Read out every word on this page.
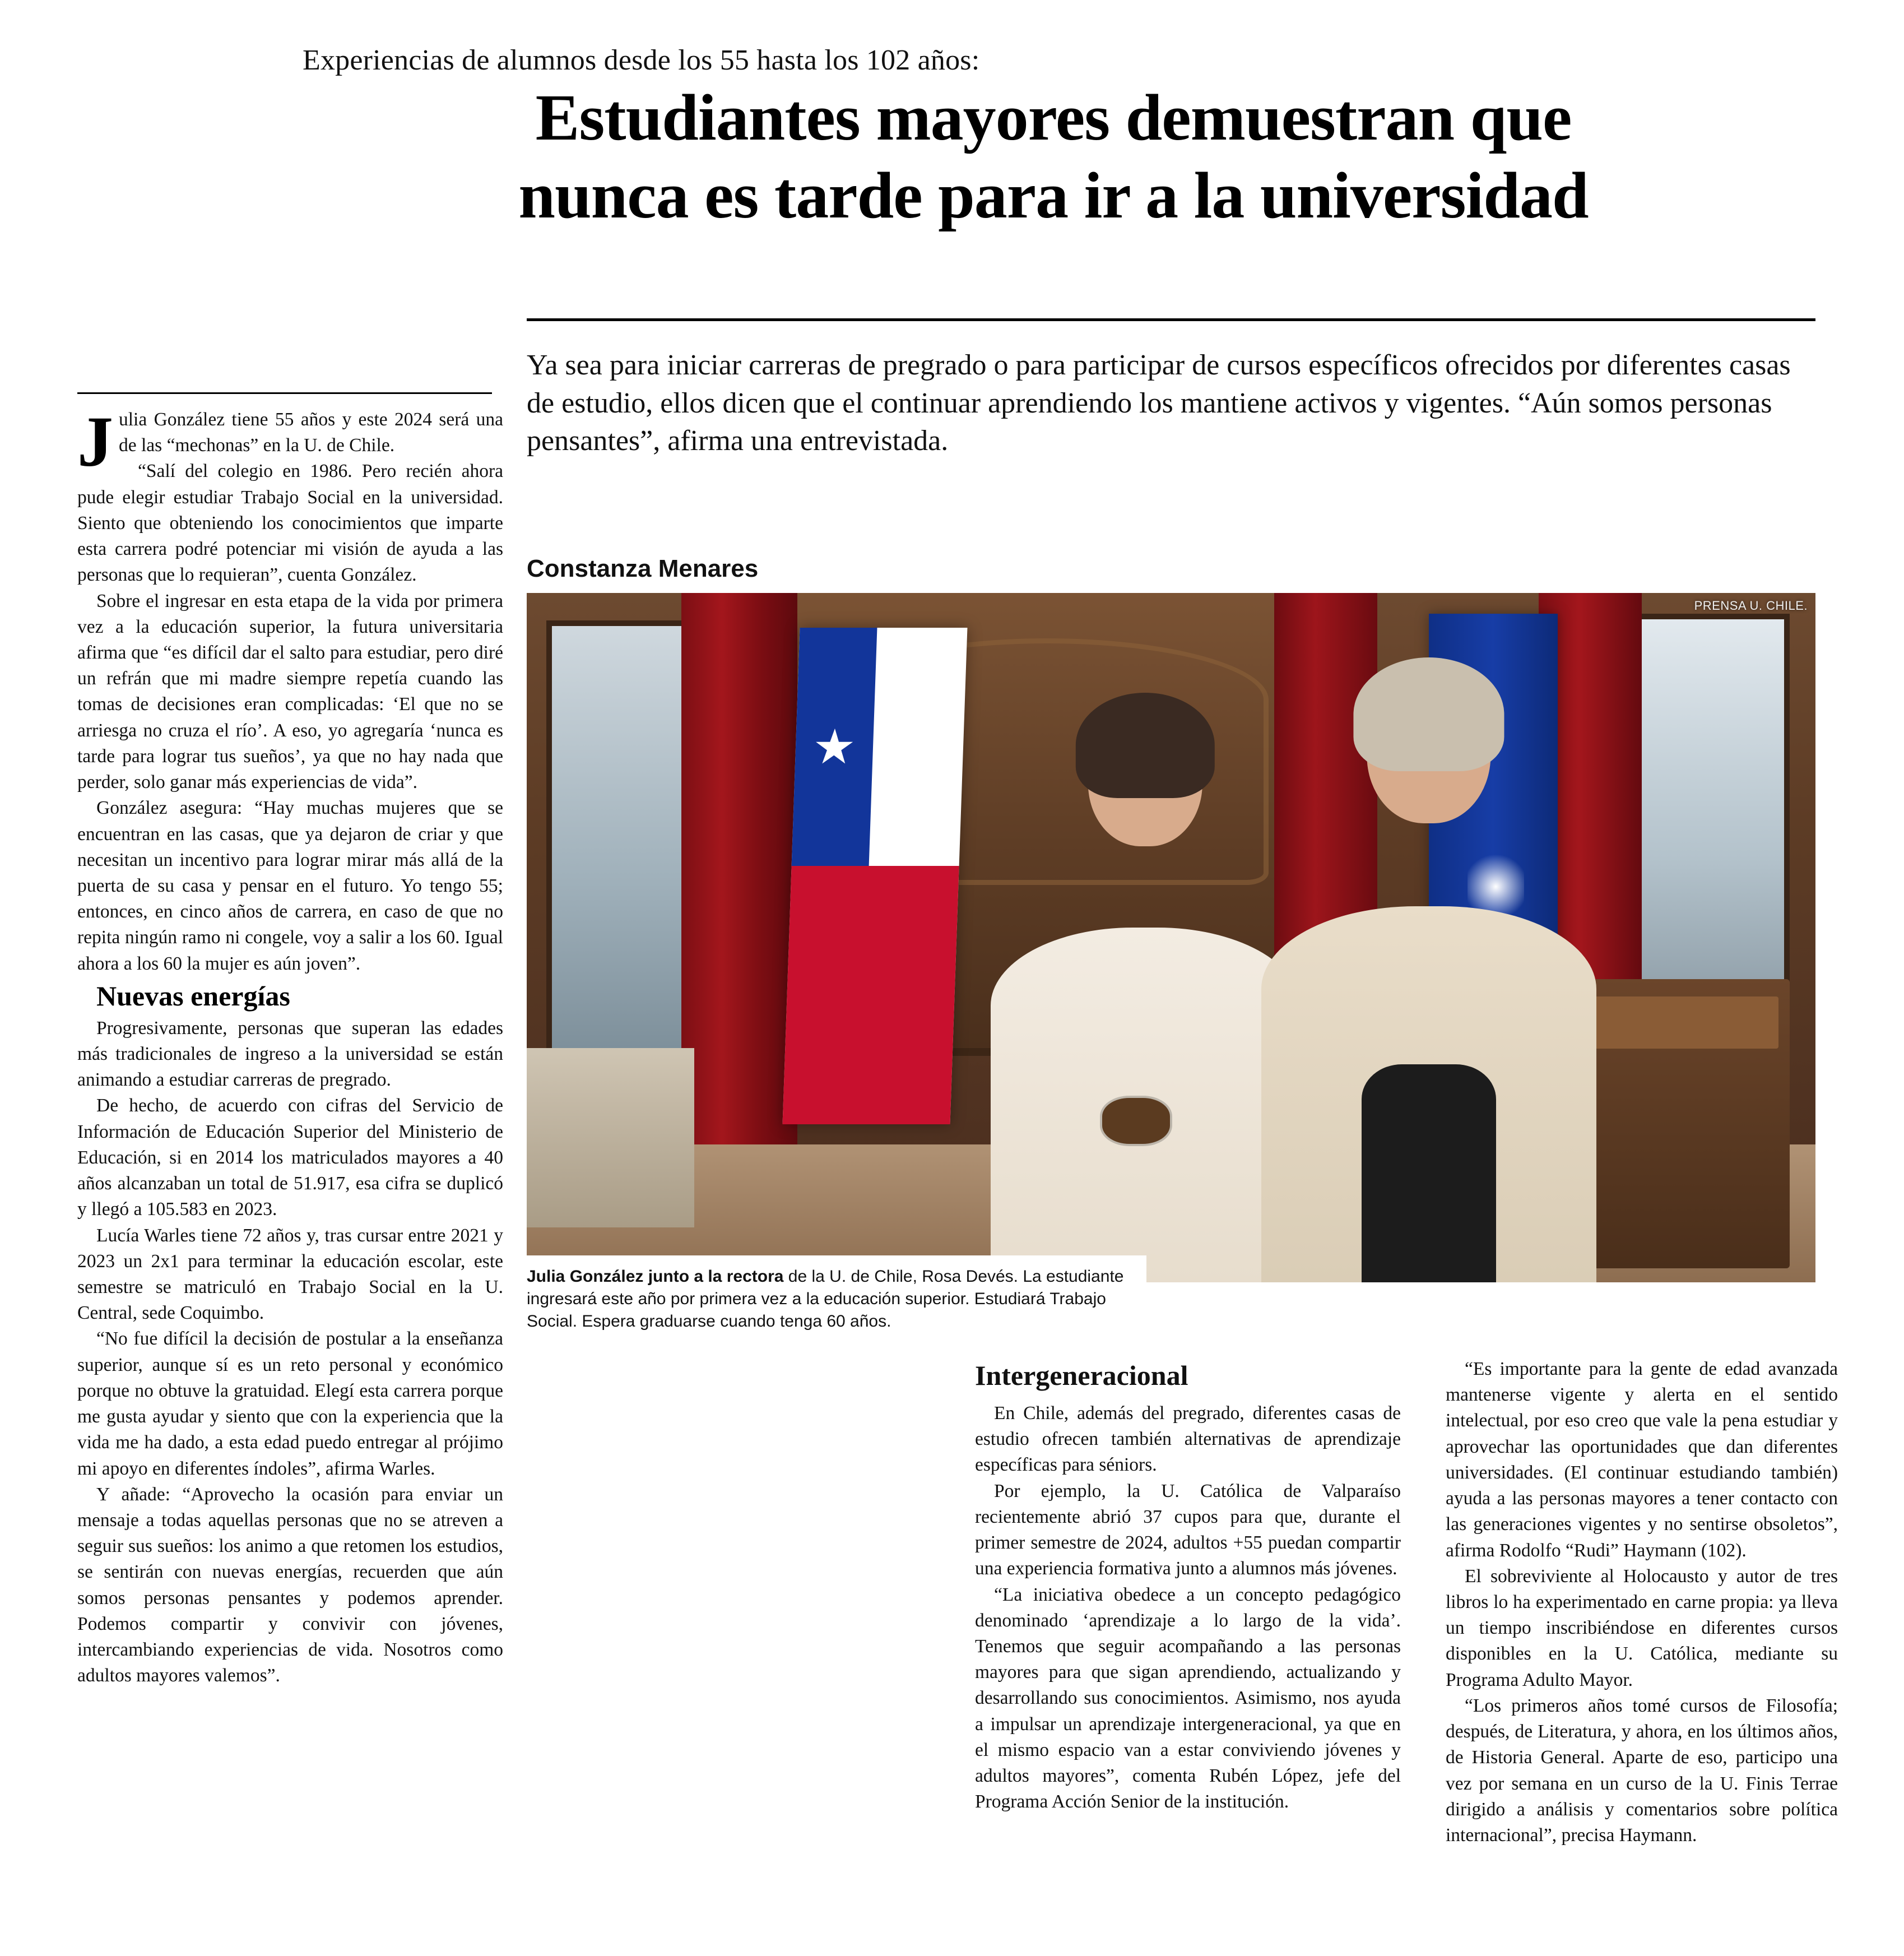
Experiencias de alumnos desde los 55 hasta los 102 años:
Estudiantes mayores demuestran que
nunca es tarde para ir a la universidad
Ya sea para iniciar carreras de pregrado o para participar de cursos específicos ofrecidos por diferentes casas de estudio, ellos dicen que el continuar aprendiendo los mantiene activos y vigentes. “Aún somos personas pensantes”, afirma una entrevistada.
Constanza Menares
★
PRENSA U. CHILE.
Julia González junto a la rectora de la U. de Chile, Rosa Devés. La estudiante ingresará este año por primera vez a la educación superior. Estudiará Trabajo Social. Espera graduarse cuando tenga 60 años.

Julia González tiene 55 años y este 2024 será una de las “mechonas” en la U. de Chile.

“Salí del colegio en 1986. Pero recién ahora pude elegir estudiar Trabajo Social en la universidad. Siento que obteniendo los conocimientos que imparte esta carrera podré potenciar mi visión de ayuda a las personas que lo requieran”, cuenta González.

Sobre el ingresar en esta etapa de la vida por primera vez a la educación superior, la futura universitaria afirma que “es difícil dar el salto para estudiar, pero diré un refrán que mi madre siempre repetía cuando las tomas de decisiones eran complicadas: ‘El que no se arriesga no cruza el río’. A eso, yo agregaría ‘nunca es tarde para lograr tus sueños’, ya que no hay nada que perder, solo ganar más experiencias de vida”.

González asegura: “Hay muchas mujeres que se encuentran en las casas, que ya dejaron de criar y que necesitan un incentivo para lograr mirar más allá de la puerta de su casa y pensar en el futuro. Yo tengo 55; entonces, en cinco años de carrera, en caso de que no repita ningún ramo ni congele, voy a salir a los 60. Igual ahora a los 60 la mujer es aún joven”.

Nuevas energías

Progresivamente, personas que superan las edades más tradicionales de ingreso a la universidad se están animando a estudiar carreras de pregrado.

De hecho, de acuerdo con cifras del Servicio de Información de Educación Superior del Ministerio de Educación, si en 2014 los matriculados mayores a 40 años alcanzaban un total de 51.917, esa cifra se duplicó y llegó a 105.583 en 2023.

Lucía Warles tiene 72 años y, tras cursar entre 2021 y 2023 un 2x1 para terminar la educación escolar, este semestre se matriculó en Trabajo Social en la U. Central, sede Coquimbo.

“No fue difícil la decisión de postular a la enseñanza superior, aunque sí es un reto personal y económico porque no obtuve la gratuidad. Elegí esta carrera porque me gusta ayudar y siento que con la experiencia que la vida me ha dado, a esta edad puedo entregar al prójimo mi apoyo en diferentes índoles”, afirma Warles.

Y añade: “Aprovecho la ocasión para enviar un mensaje a todas aquellas personas que no se atreven a seguir sus sueños: los animo a que retomen los estudios, se sentirán con nuevas energías, recuerden que aún somos personas pensantes y podemos aprender. Podemos compartir y convivir con jóvenes, intercambiando experiencias de vida. Nosotros como adultos mayores valemos”.

Intergeneracional

En Chile, además del pregrado, diferentes casas de estudio ofrecen también alternativas de aprendizaje específicas para séniors.

Por ejemplo, la U. Católica de Valparaíso recientemente abrió 37 cupos para que, durante el primer semestre de 2024, adultos +55 puedan compartir una experiencia formativa junto a alumnos más jóvenes.

“La iniciativa obedece a un concepto pedagógico denominado ‘aprendizaje a lo largo de la vida’. Tenemos que seguir acompañando a las personas mayores para que sigan aprendiendo, actualizando y desarrollando sus conocimientos. Asimismo, nos ayuda a impulsar un aprendizaje intergeneracional, ya que en el mismo espacio van a estar conviviendo jóvenes y adultos mayores”, comenta Rubén López, jefe del Programa Acción Senior de la institución.

“Es importante para la gente de edad avanzada mantenerse vigente y alerta en el sentido intelectual, por eso creo que vale la pena estudiar y aprovechar las oportunidades que dan diferentes universidades. (El continuar estudiando también) ayuda a las personas mayores a tener contacto con las generaciones vigentes y no sentirse obsoletos”, afirma Rodolfo “Rudi” Haymann (102).

El sobreviviente al Holocausto y autor de tres libros lo ha experimentado en carne propia: ya lleva un tiempo inscribiéndose en diferentes cursos disponibles en la U. Católica, mediante su Programa Adulto Mayor.

“Los primeros años tomé cursos de Filosofía; después, de Literatura, y ahora, en los últimos años, de Historia General. Aparte de eso, participo una vez por semana en un curso de la U. Finis Terrae dirigido a análisis y comentarios sobre política internacional”, precisa Haymann.
